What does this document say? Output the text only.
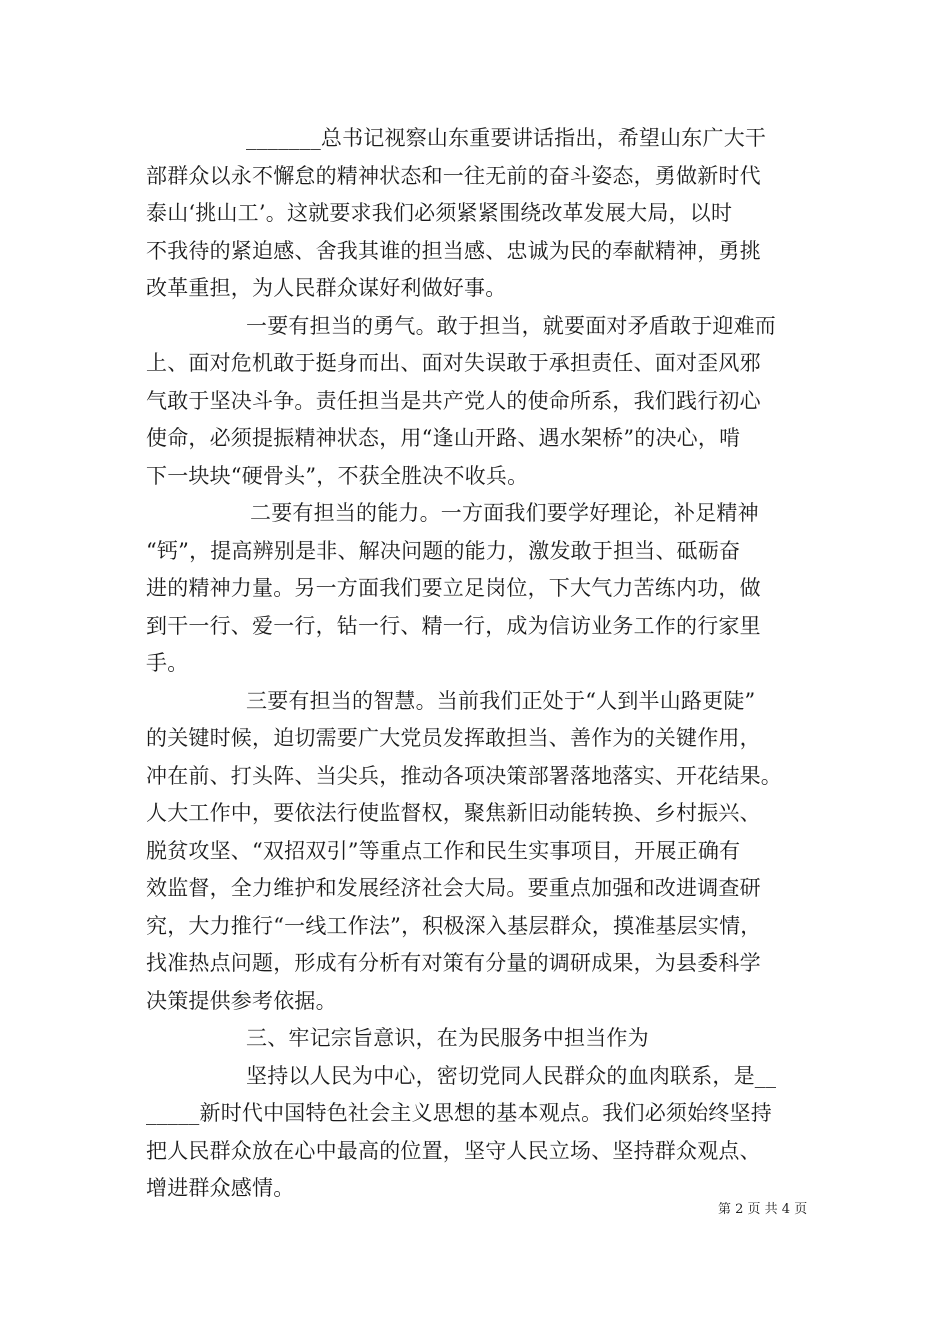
_______总书记视察山东重要讲话指出，希望山东广大干
部群众以永不懈怠的精神状态和一往无前的奋斗姿态，勇做新时代
泰山‘挑山工’。这就要求我们必须紧紧围绕改革发展大局，以时
不我待的紧迫感、舍我其谁的担当感、忠诚为民的奉献精神，勇挑
改革重担，为人民群众谋好利做好事。
一要有担当的勇气。敢于担当，就要面对矛盾敢于迎难而
上、面对危机敢于挺身而出、面对失误敢于承担责任、面对歪风邪
气敢于坚决斗争。责任担当是共产党人的使命所系，我们践行初心
使命，必须提振精神状态，用“逢山开路、遇水架桥”的决心，啃
下一块块“硬骨头”，不获全胜决不收兵。
二要有担当的能力。一方面我们要学好理论，补足精神
“钙”，提高辨别是非、解决问题的能力，激发敢于担当、砥砺奋
进的精神力量。另一方面我们要立足岗位，下大气力苦练内功，做
到干一行、爱一行，钻一行、精一行，成为信访业务工作的行家里
手。
三要有担当的智慧。当前我们正处于“人到半山路更陡”
的关键时候，迫切需要广大党员发挥敢担当、善作为的关键作用，
冲在前、打头阵、当尖兵，推动各项决策部署落地落实、开花结果。
人大工作中，要依法行使监督权，聚焦新旧动能转换、乡村振兴、
脱贫攻坚、“双招双引”等重点工作和民生实事项目，开展正确有
效监督，全力维护和发展经济社会大局。要重点加强和改进调查研
究，大力推行“一线工作法”，积极深入基层群众，摸准基层实情，
找准热点问题，形成有分析有对策有分量的调研成果，为县委科学
决策提供参考依据。
三、牢记宗旨意识，在为民服务中担当作为
坚持以人民为中心，密切党同人民群众的血肉联系，是__
_____新时代中国特色社会主义思想的基本观点。我们必须始终坚持
把人民群众放在心中最高的位置，坚守人民立场、坚持群众观点、
增进群众感情。
第 2 页 共 4 页
